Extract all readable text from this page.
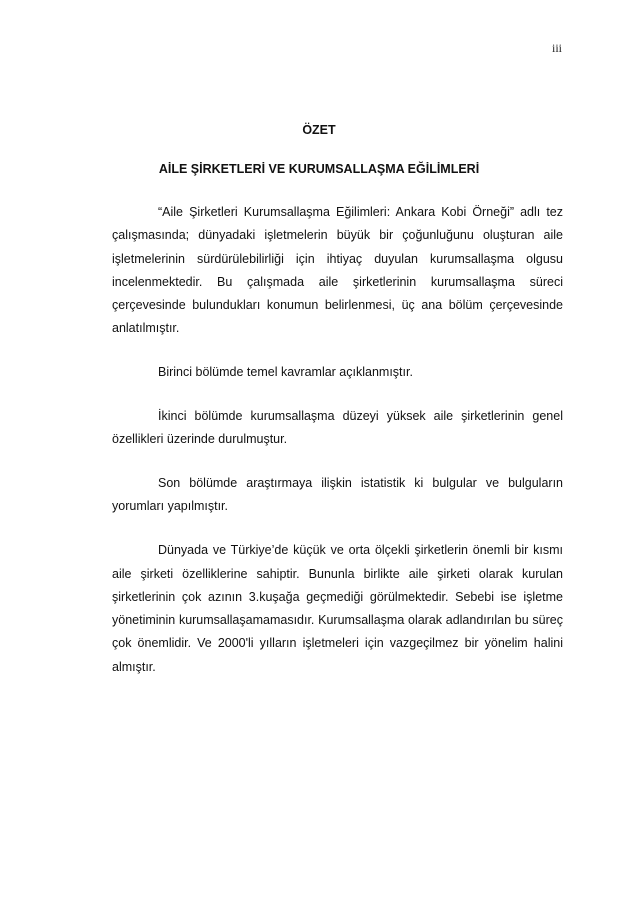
iii
ÖZET
AİLE ŞİRKETLERİ VE KURUMSALLAŞMA EĞİLİMLERİ

“Aile Şirketleri Kurumsallaşma Eğilimleri: Ankara Kobi Örneği” adlı tez çalışmasında; dünyadaki işletmelerin büyük bir çoğunluğunu oluşturan aile işletmelerinin sürdürülebilirliği için ihtiyaç duyulan kurumsallaşma olgusu incelenmektedir. Bu çalışmada aile şirketlerinin kurumsallaşma süreci çerçevesinde bulundukları konumun belirlenmesi, üç ana bölüm çerçevesinde anlatılmıştır.

Birinci bölümde temel kavramlar açıklanmıştır.

İkinci bölümde kurumsallaşma düzeyi yüksek aile şirketlerinin genel özellikleri üzerinde durulmuştur.

Son bölümde araştırmaya ilişkin istatistik ki bulgular ve bulguların yorumları yapılmıştır.

Dünyada ve Türkiye’de küçük ve orta ölçekli şirketlerin önemli bir kısmı aile şirketi özelliklerine sahiptir. Bununla birlikte aile şirketi olarak kurulan şirketlerinin çok azının 3.kuşağa geçmediği görülmektedir. Sebebi ise işletme yönetiminin kurumsallaşamamasıdır. Kurumsallaşma olarak adlandırılan bu süreç çok önemlidir. Ve 2000'li yılların işletmeleri için vazgeçilmez bir yönelim halini almıştır.
